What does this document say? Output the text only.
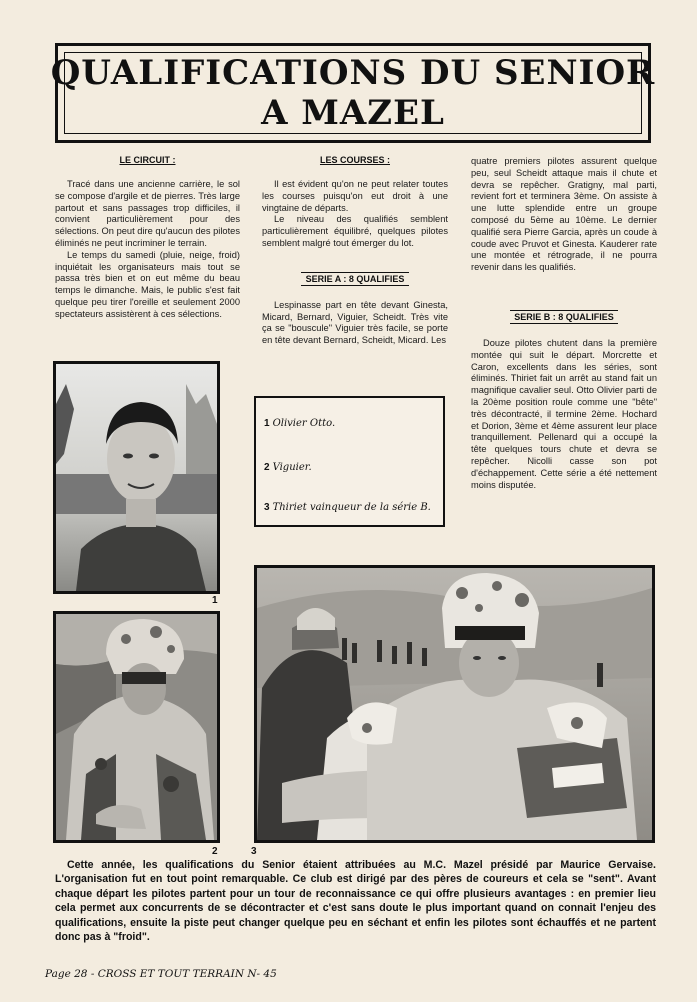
QUALIFICATIONS DU SENIOR
A MAZEL
LE CIRCUIT :

Tracé dans une ancienne carrière, le sol se compose d'argile et de pierres. Très large partout et sans passages trop difficiles, il convient particulièrement pour des sélections. On peut dire qu'aucun des pilotes éliminés ne peut incriminer le terrain.

Le temps du samedi (pluie, neige, froid) inquiétait les organisateurs mais tout se passa très bien et on eut même du beau temps le dimanche. Mais, le public s'est fait quelque peu tirer l'oreille et seulement 2000 spectateurs assistèrent à ces sélections.

LES COURSES :

Il est évident qu'on ne peut relater toutes les courses puisqu'on eut droit à une vingtaine de départs.

Le niveau des qualifiés semblent particulièrement équilibré, quelques pilotes semblent malgré tout émerger du lot.

SERIE A : 8 QUALIFIES

Lespinasse part en tête devant Ginesta, Micard, Bernard, Viguier, Scheidt. Très vite ça se "bouscule" Viguier très facile, se porte en tête devant Bernard, Scheidt, Micard. Les

quatre premiers pilotes assurent quelque peu, seul Scheidt attaque mais il chute et devra se repêcher. Gratigny, mal parti, revient fort et terminera 3ème. On assiste à une lutte splendide entre un groupe composé du 5ème au 10ème. Le dernier qualifié sera Pierre Garcia, après un coude à coude avec Pruvot et Ginesta. Kauderer rate une montée et rétrograde, il ne pourra revenir dans les qualifiés.

SERIE B : 8 QUALIFIES

Douze pilotes chutent dans la première montée qui suit le départ. Morcrette et Caron, excellents dans les séries, sont éliminés. Thiriet fait un arrêt au stand fait un magnifique cavalier seul. Otto Olivier parti de la 20ème position roule comme une "bête" très décontracté, il termine 2ème. Hochard et Dorion, 3ème et 4ème assurent leur place tranquillement. Pellenard qui a occupé la tête quelques tours chute et devra se repêcher. Nicolli casse son pot d'échappement. Cette série a été nettement moins disputée.

1
1 Olivier Otto.
2 Viguier.
3 Thiriet vainqueur de la série B.
2	3

Cette année, les qualifications du Senior étaient attribuées au M.C. Mazel présidé par Maurice Gervaise. L'organisation fut en tout point remarquable. Ce club est dirigé par des pères de coureurs et cela se "sent". Avant chaque départ les pilotes partent pour un tour de reconnaissance ce qui offre plusieurs avantages : en premier lieu cela permet aux concurrents de se décontracter et c'est sans doute le plus important quand on connait l'enjeu des qualifications, ensuite la piste peut changer quelque peu en séchant et enfin les pilotes sont échauffés et ne partent donc pas à "froid".

Page 28 - CROSS ET TOUT TERRAIN N- 45
